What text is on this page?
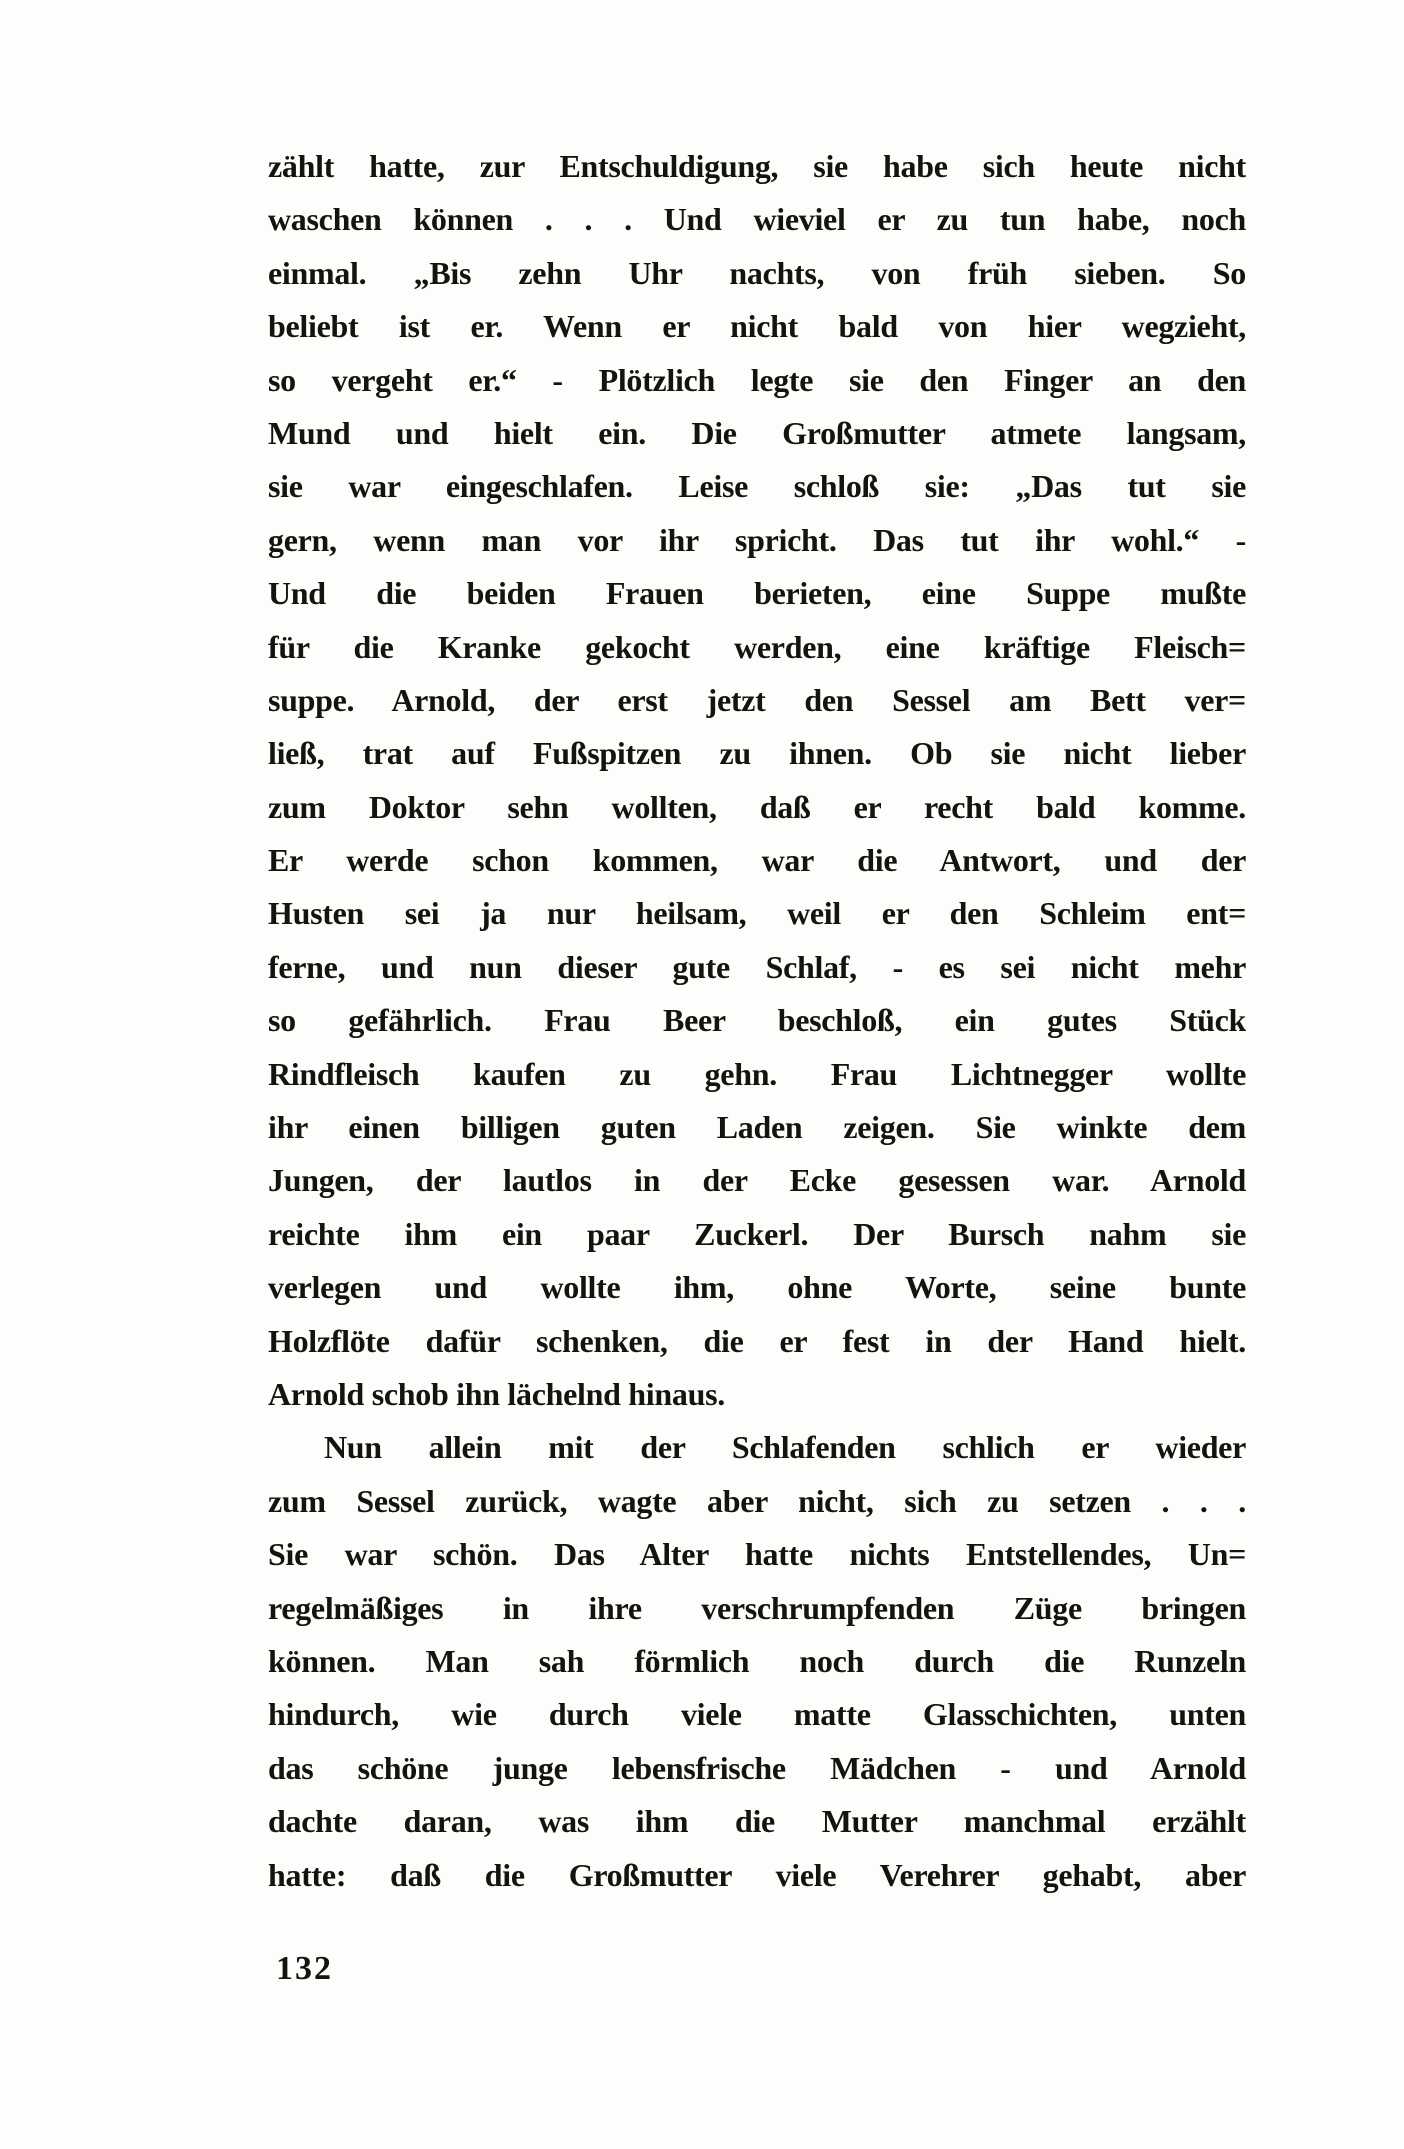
zählt hatte, zur Entschuldigung, sie habe sich heute nicht
waschen können . . . Und wieviel er zu tun habe, noch
einmal. „Bis zehn Uhr nachts, von früh sieben. So
beliebt ist er. Wenn er nicht bald von hier wegzieht,
so vergeht er.“ - Plötzlich legte sie den Finger an den
Mund und hielt ein. Die Großmutter atmete langsam,
sie war eingeschlafen. Leise schloß sie: „Das tut sie
gern, wenn man vor ihr spricht. Das tut ihr wohl.“ -
Und die beiden Frauen berieten, eine Suppe mußte
für die Kranke gekocht werden, eine kräftige Fleisch=
suppe. Arnold, der erst jetzt den Sessel am Bett ver=
ließ, trat auf Fußspitzen zu ihnen. Ob sie nicht lieber
zum Doktor sehn wollten, daß er recht bald komme.
Er werde schon kommen, war die Antwort, und der
Husten sei ja nur heilsam, weil er den Schleim ent=
ferne, und nun dieser gute Schlaf, - es sei nicht mehr
so gefährlich. Frau Beer beschloß, ein gutes Stück
Rindfleisch kaufen zu gehn. Frau Lichtnegger wollte
ihr einen billigen guten Laden zeigen. Sie winkte dem
Jungen, der lautlos in der Ecke gesessen war. Arnold
reichte ihm ein paar Zuckerl. Der Bursch nahm sie
verlegen und wollte ihm, ohne Worte, seine bunte
Holzflöte dafür schenken, die er fest in der Hand hielt.
Arnold schob ihn lächelnd hinaus.
Nun allein mit der Schlafenden schlich er wieder
zum Sessel zurück, wagte aber nicht, sich zu setzen . . .
Sie war schön. Das Alter hatte nichts Entstellendes, Un=
regelmäßiges in ihre verschrumpfenden Züge bringen
können. Man sah förmlich noch durch die Runzeln
hindurch, wie durch viele matte Glasschichten, unten
das schöne junge lebensfrische Mädchen - und Arnold
dachte daran, was ihm die Mutter manchmal erzählt
hatte: daß die Großmutter viele Verehrer gehabt, aber
132
